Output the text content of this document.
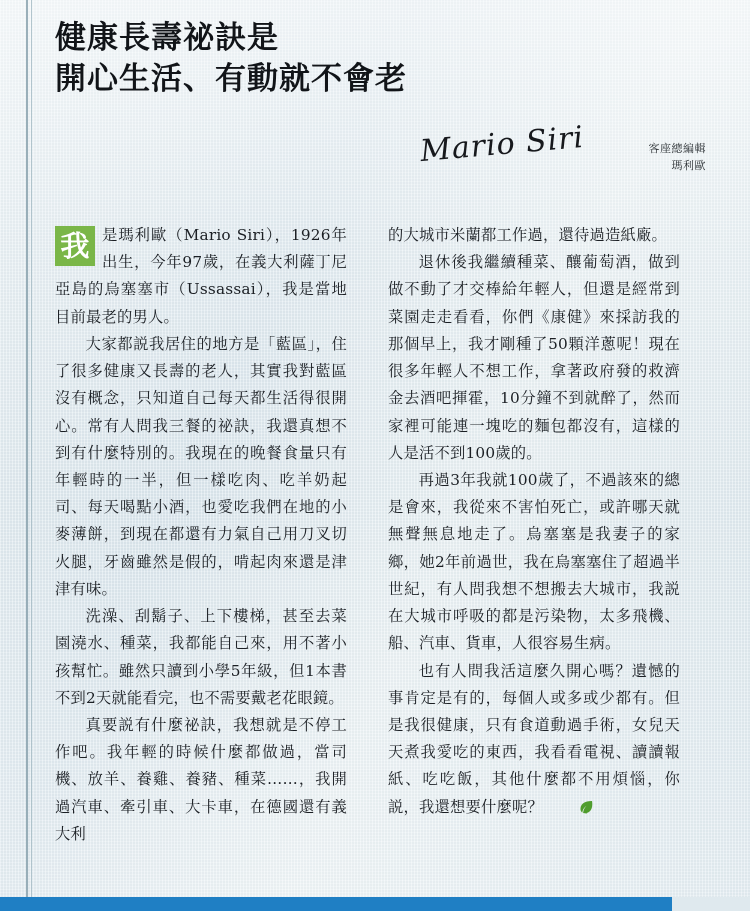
健康長壽祕訣是
開心生活、有動就不會老
Mario Siri	客座總編輯
瑪利歐

我 是瑪利歐（Mario Siri），1926年出生，今年97歲，在義大利薩丁尼亞島的烏塞塞市（Ussassai），我是當地目前最老的男人。

大家都説我居住的地方是「藍區」，住了很多健康又長壽的老人，其實我對藍區沒有概念，只知道自己每天都生活得很開心。常有人問我三餐的祕訣，我還真想不到有什麼特別的。我現在的晚餐食量只有年輕時的一半，但一樣吃肉、吃羊奶起司、每天喝點小酒，也愛吃我們在地的小麥薄餅，到現在都還有力氣自己用刀叉切火腿，牙齒雖然是假的，啃起肉來還是津津有味。

洗澡、刮鬍子、上下樓梯，甚至去菜園澆水、種菜，我都能自己來，用不著小孩幫忙。雖然只讀到小學5年級，但1本書不到2天就能看完，也不需要戴老花眼鏡。

真要説有什麼祕訣，我想就是不停工作吧。我年輕的時候什麼都做過，當司機、放羊、養雞、養豬、種菜……，我開過汽車、牽引車、大卡車，在德國還有義大利

的大城市米蘭都工作過，還待過造紙廠。

退休後我繼續種菜、釀葡萄酒，做到做不動了才交棒給年輕人，但還是經常到菜園走走看看，你們《康健》來採訪我的那個早上，我才剛種了50顆洋蔥呢！現在很多年輕人不想工作，拿著政府發的救濟金去酒吧揮霍，10分鐘不到就醉了，然而家裡可能連一塊吃的麵包都沒有，這樣的人是活不到100歲的。

再過3年我就100歲了，不過該來的總是會來，我從來不害怕死亡，或許哪天就無聲無息地走了。烏塞塞是我妻子的家鄉，她2年前過世，我在烏塞塞住了超過半世紀，有人問我想不想搬去大城市，我説在大城市呼吸的都是污染物，太多飛機、船、汽車、貨車，人很容易生病。

也有人問我活這麼久開心嗎？遺憾的事肯定是有的，每個人或多或少都有。但是我很健康，只有食道動過手術，女兒天天煮我愛吃的東西，我看看電視、讀讀報紙、吃吃飯，其他什麼都不用煩惱，你説，我還想要什麼呢？
